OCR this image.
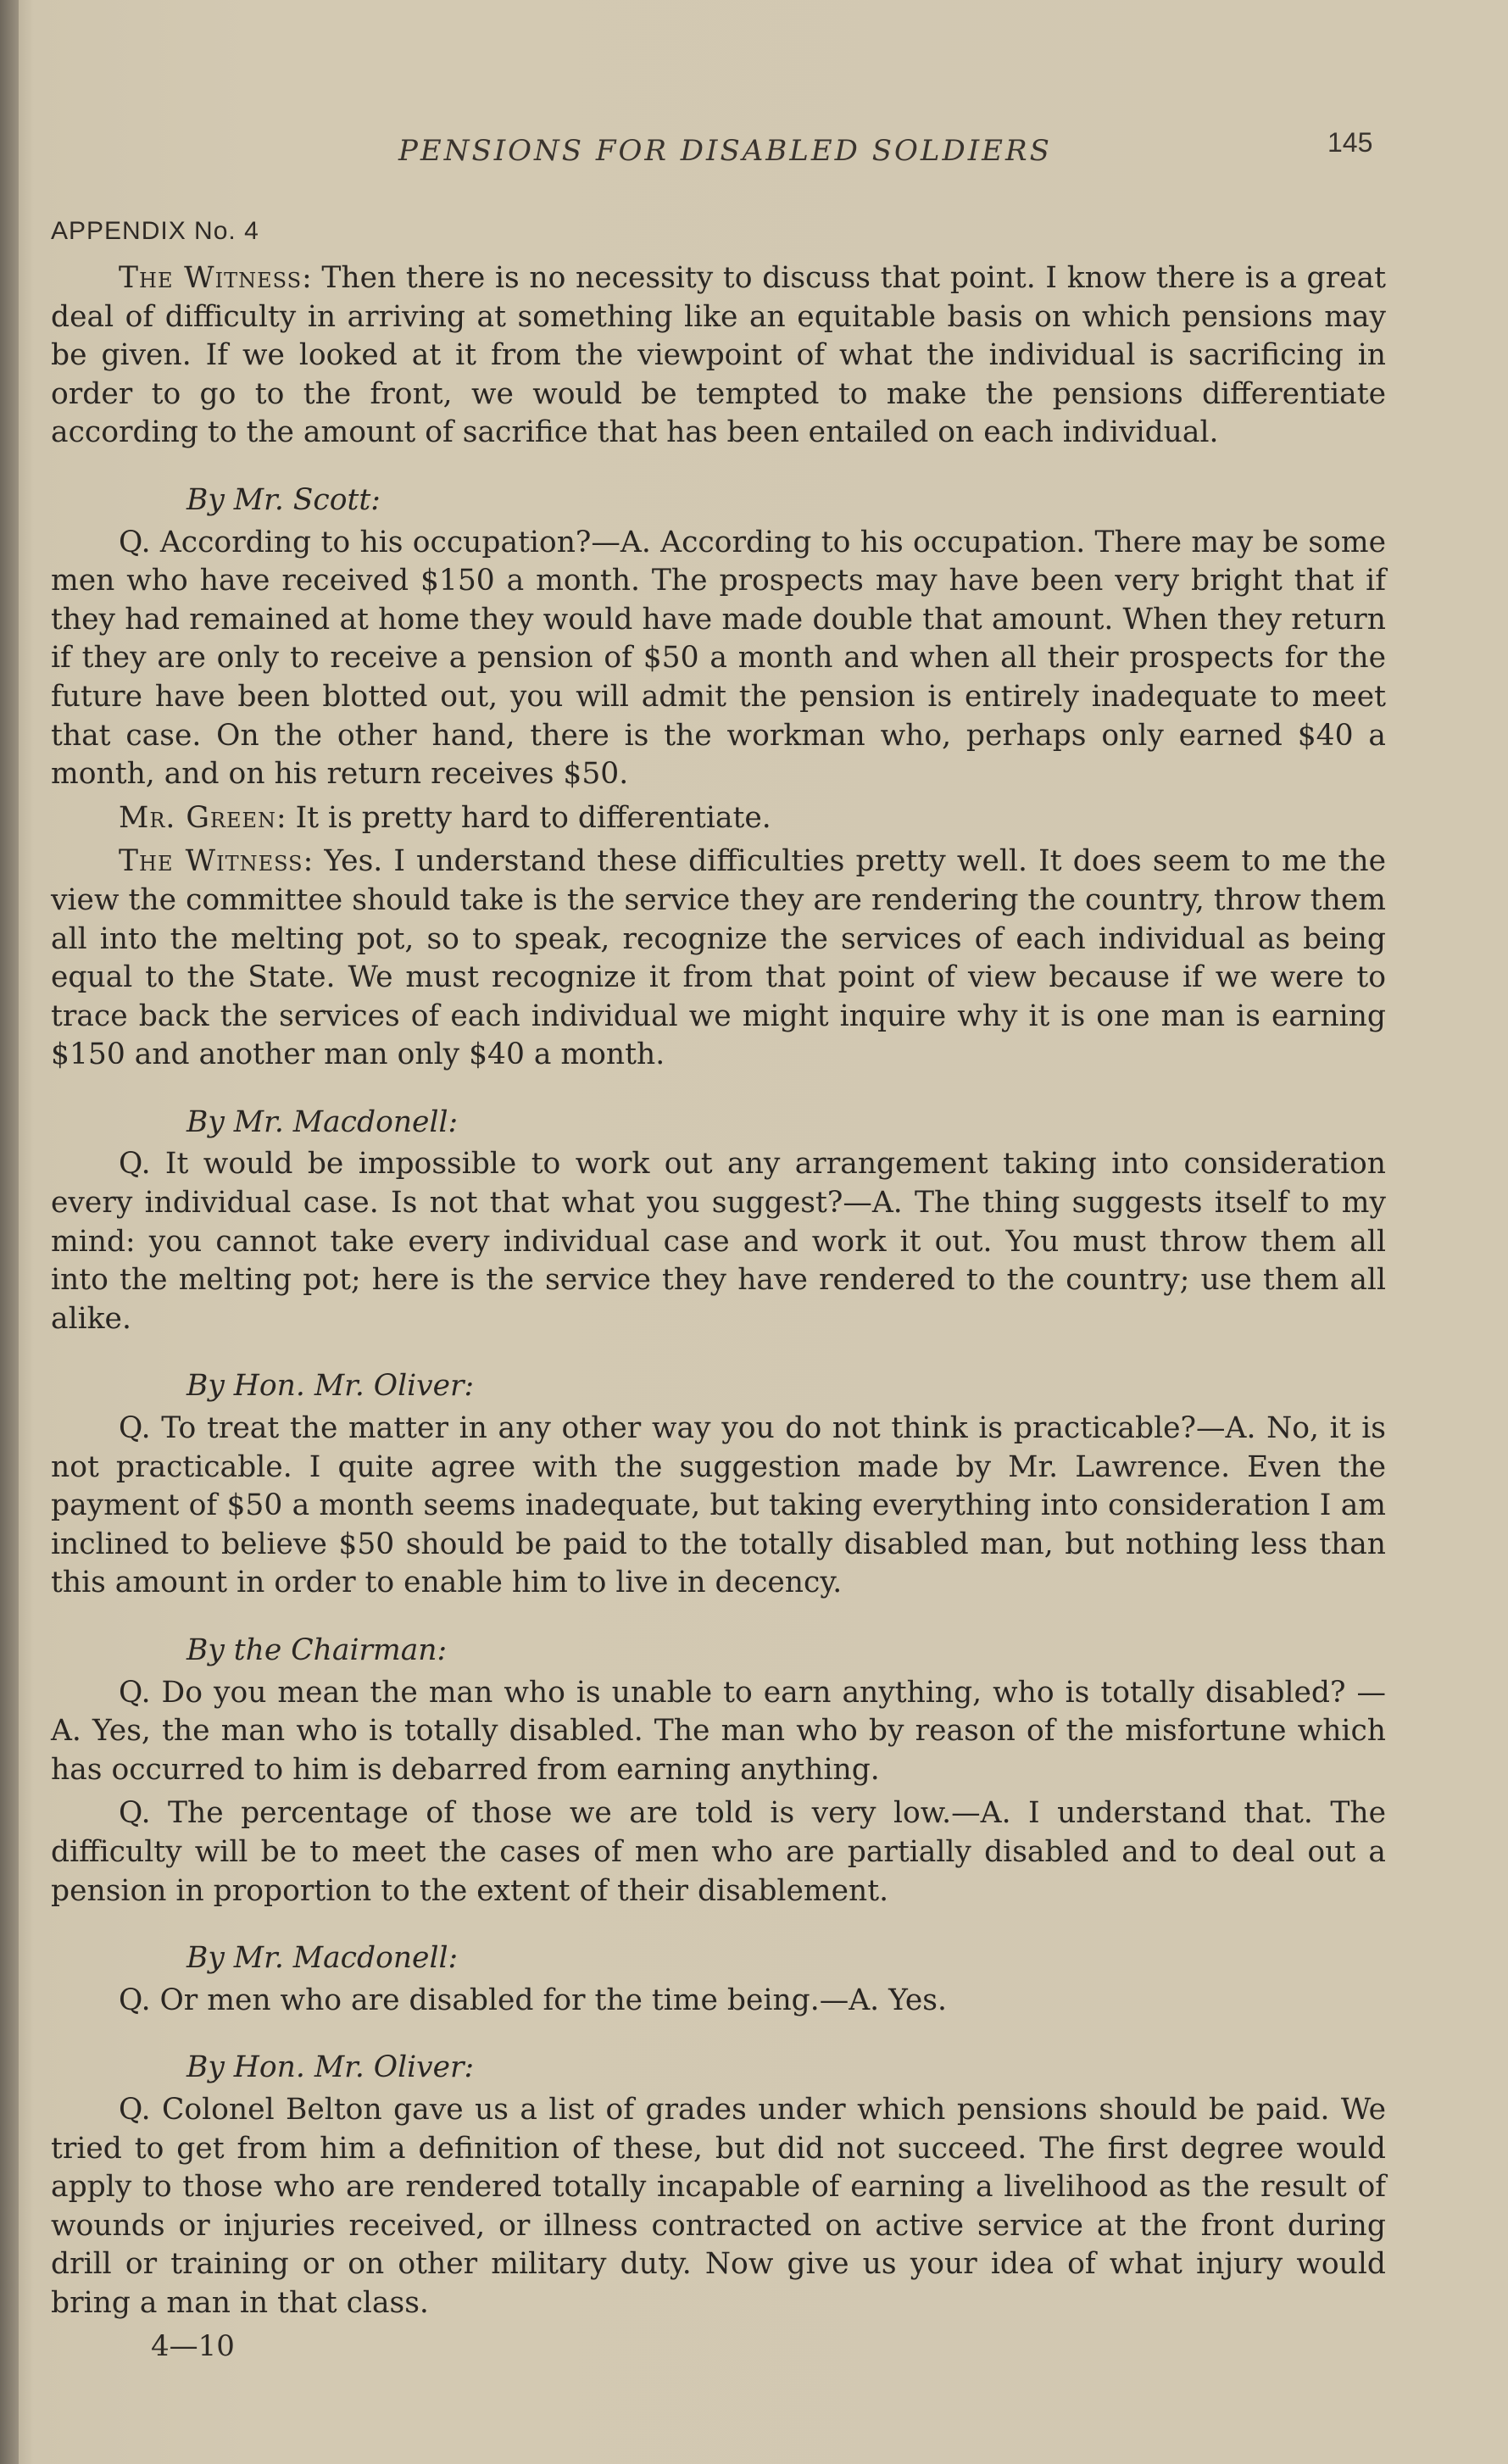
PENSIONS FOR DISABLED SOLDIERS	145
APPENDIX No. 4

The Witness: Then there is no necessity to discuss that point. I know there is a great deal of difficulty in arriving at something like an equitable basis on which pensions may be given. If we looked at it from the viewpoint of what the individual is sacrificing in order to go to the front, we would be tempted to make the pensions differentiate according to the amount of sacrifice that has been entailed on each individual.

By Mr. Scott:

Q. According to his occupation?—A. According to his occupation. There may be some men who have received $150 a month. The prospects may have been very bright that if they had remained at home they would have made double that amount. When they return if they are only to receive a pension of $50 a month and when all their prospects for the future have been blotted out, you will admit the pension is entirely inadequate to meet that case. On the other hand, there is the workman who, perhaps only earned $40 a month, and on his return receives $50.

Mr. Green: It is pretty hard to differentiate.

The Witness: Yes. I understand these difficulties pretty well. It does seem to me the view the committee should take is the service they are rendering the country, throw them all into the melting pot, so to speak, recognize the services of each individual as being equal to the State. We must recognize it from that point of view because if we were to trace back the services of each individual we might inquire why it is one man is earning $150 and another man only $40 a month.

By Mr. Macdonell:

Q. It would be impossible to work out any arrangement taking into consideration every individual case. Is not that what you suggest?—A. The thing suggests itself to my mind: you cannot take every individual case and work it out. You must throw them all into the melting pot; here is the service they have rendered to the country; use them all alike.

By Hon. Mr. Oliver:

Q. To treat the matter in any other way you do not think is practicable?—A. No, it is not practicable. I quite agree with the suggestion made by Mr. Lawrence. Even the payment of $50 a month seems inadequate, but taking everything into consideration I am inclined to believe $50 should be paid to the totally disabled man, but nothing less than this amount in order to enable him to live in decency.

By the Chairman:

Q. Do you mean the man who is unable to earn anything, who is totally disabled? —A. Yes, the man who is totally disabled. The man who by reason of the misfortune which has occurred to him is debarred from earning anything.

Q. The percentage of those we are told is very low.—A. I understand that. The difficulty will be to meet the cases of men who are partially disabled and to deal out a pension in proportion to the extent of their disablement.

By Mr. Macdonell:

Q. Or men who are disabled for the time being.—A. Yes.

By Hon. Mr. Oliver:

Q. Colonel Belton gave us a list of grades under which pensions should be paid. We tried to get from him a definition of these, but did not succeed. The first degree would apply to those who are rendered totally incapable of earning a livelihood as the result of wounds or injuries received, or illness contracted on active service at the front during drill or training or on other military duty. Now give us your idea of what injury would bring a man in that class.

4—10
